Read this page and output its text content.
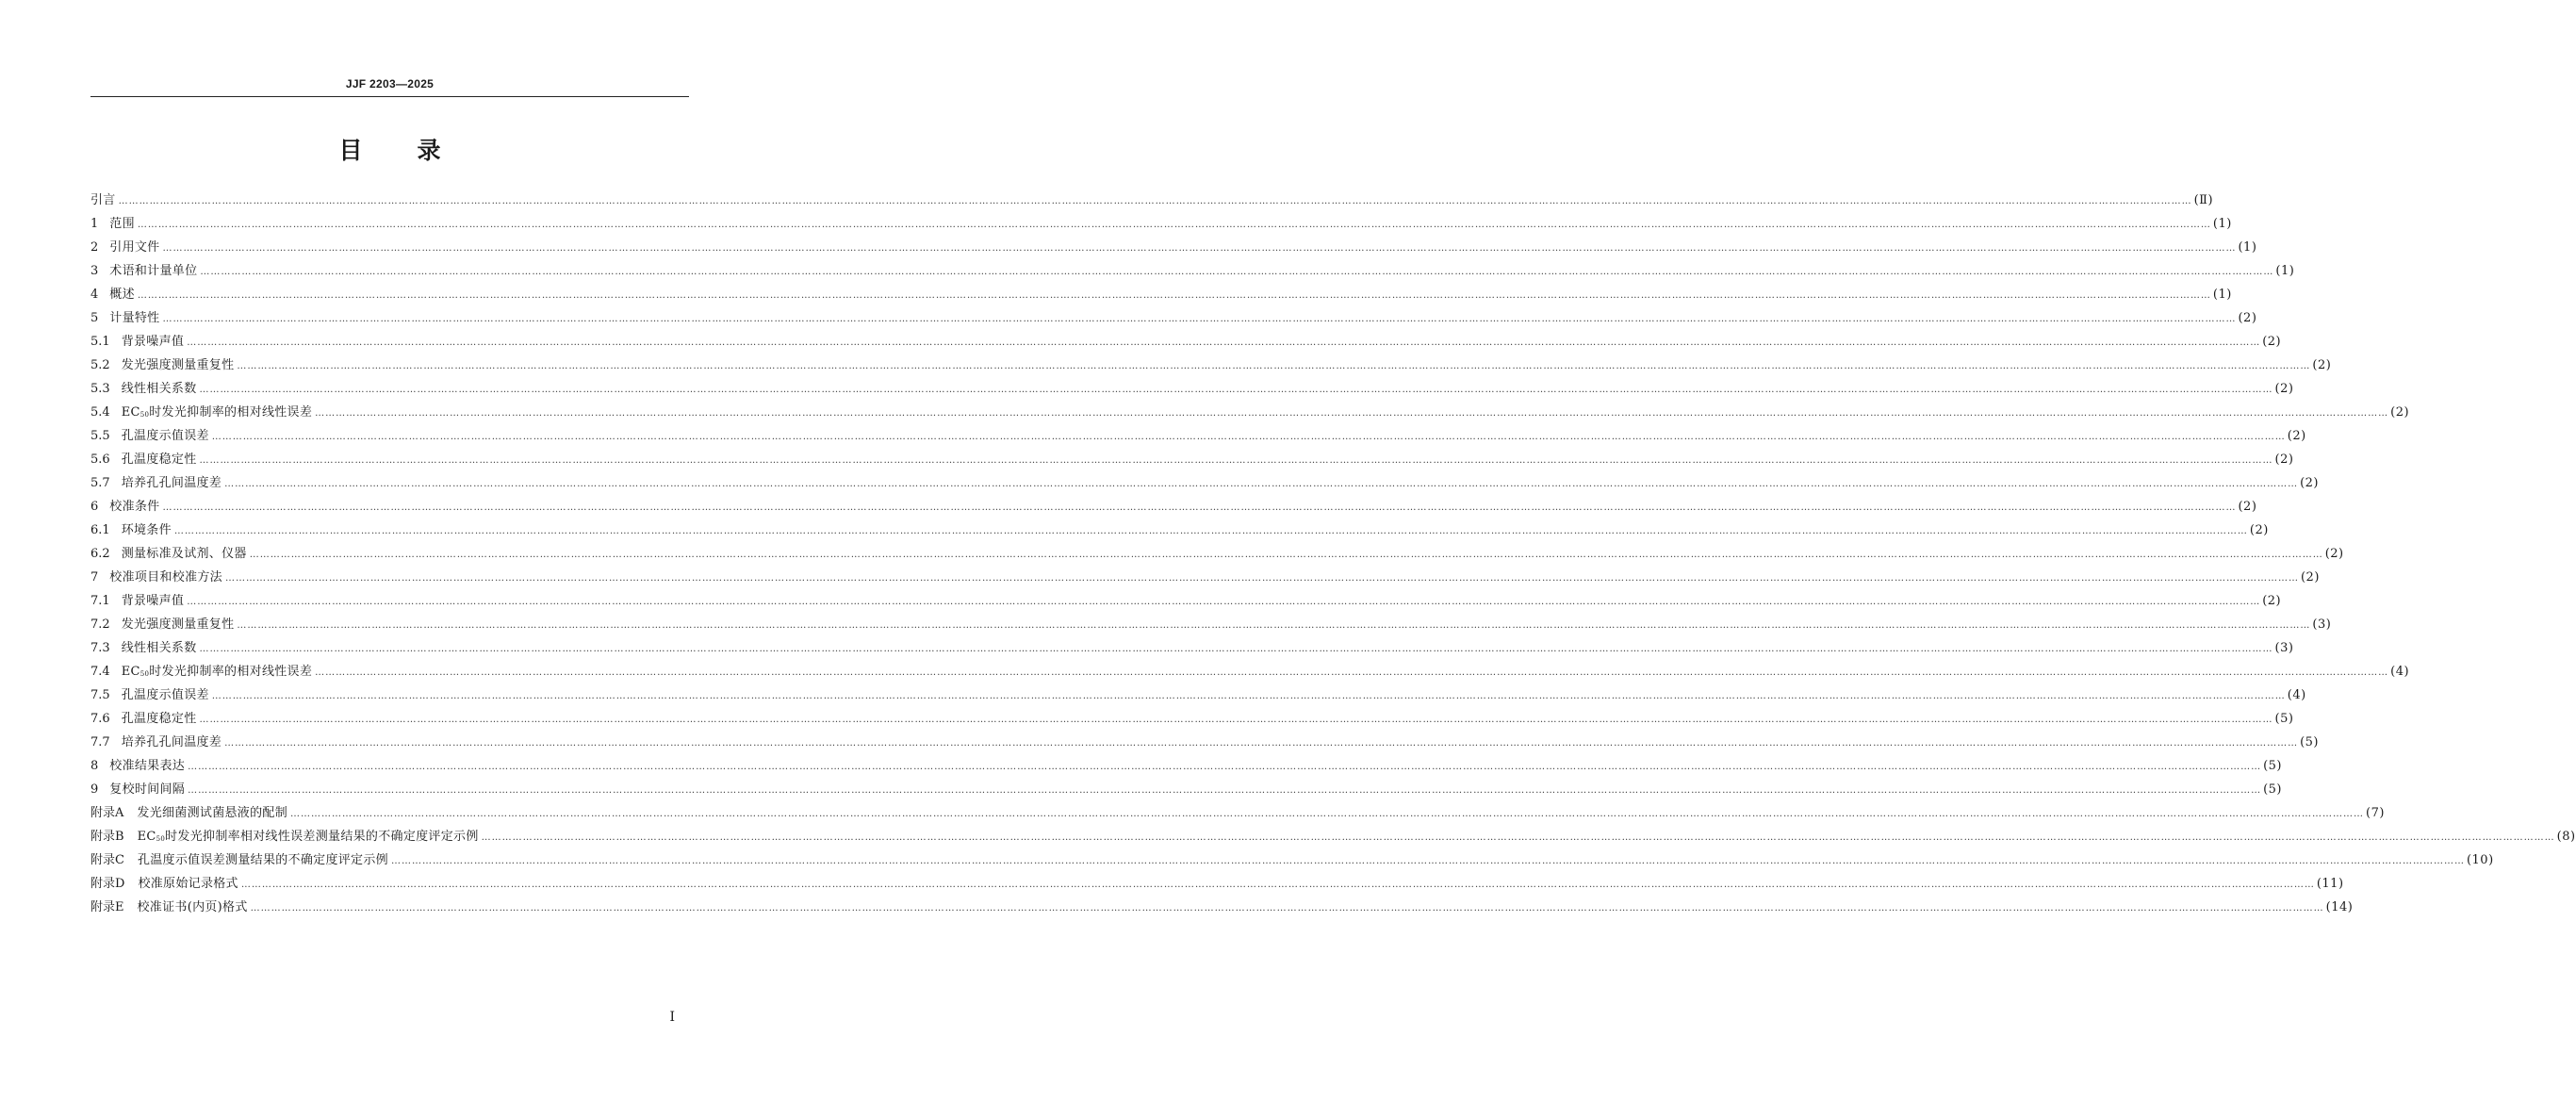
JJF 2203—2025
目 录
引言 …………………………………………………………………………………………………………………………………………………………………………………………………………………………………………………………………………………………………………………………………………………………………………………………………………………………………………………………………………………………………………………………………………………… (Ⅱ)
1 范围 …………………………………………………………………………………………………………………………………………………………………………………………………………………………………………………………………………………………………………………………………………………………………………………………………………………………………………………………………………………………………………………………………………………… (1)
2 引用文件 …………………………………………………………………………………………………………………………………………………………………………………………………………………………………………………………………………………………………………………………………………………………………………………………………………………………………………………………………………………………………………………………………………………… (1)
3 术语和计量单位 …………………………………………………………………………………………………………………………………………………………………………………………………………………………………………………………………………………………………………………………………………………………………………………………………………………………………………………………………………………………………………………………………………………… (1)
4 概述 …………………………………………………………………………………………………………………………………………………………………………………………………………………………………………………………………………………………………………………………………………………………………………………………………………………………………………………………………………………………………………………………………………………… (1)
5 计量特性 …………………………………………………………………………………………………………………………………………………………………………………………………………………………………………………………………………………………………………………………………………………………………………………………………………………………………………………………………………………………………………………………………………………… (2)
5.1 背景噪声值 …………………………………………………………………………………………………………………………………………………………………………………………………………………………………………………………………………………………………………………………………………………………………………………………………………………………………………………………………………………………………………………………………………………… (2)
5.2 发光强度测量重复性 …………………………………………………………………………………………………………………………………………………………………………………………………………………………………………………………………………………………………………………………………………………………………………………………………………………………………………………………………………………………………………………………………………………… (2)
5.3 线性相关系数 …………………………………………………………………………………………………………………………………………………………………………………………………………………………………………………………………………………………………………………………………………………………………………………………………………………………………………………………………………………………………………………………………………………… (2)
5.4 $EC_{50}$时发光抑制率的相对线性误差 …………………………………………………………………………………………………………………………………………………………………………………………………………………………………………………………………………………………………………………………………………………………………………………………………………………………………………………………………………………………………………………………………………………… (2)
5.5 孔温度示值误差 …………………………………………………………………………………………………………………………………………………………………………………………………………………………………………………………………………………………………………………………………………………………………………………………………………………………………………………………………………………………………………………………………………………… (2)
5.6 孔温度稳定性 …………………………………………………………………………………………………………………………………………………………………………………………………………………………………………………………………………………………………………………………………………………………………………………………………………………………………………………………………………………………………………………………………………………… (2)
5.7 培养孔孔间温度差 …………………………………………………………………………………………………………………………………………………………………………………………………………………………………………………………………………………………………………………………………………………………………………………………………………………………………………………………………………………………………………………………………………………… (2)
6 校准条件 …………………………………………………………………………………………………………………………………………………………………………………………………………………………………………………………………………………………………………………………………………………………………………………………………………………………………………………………………………………………………………………………………………………… (2)
6.1 环境条件 …………………………………………………………………………………………………………………………………………………………………………………………………………………………………………………………………………………………………………………………………………………………………………………………………………………………………………………………………………………………………………………………………………………… (2)
6.2 测量标准及试剂、仪器 …………………………………………………………………………………………………………………………………………………………………………………………………………………………………………………………………………………………………………………………………………………………………………………………………………………………………………………………………………………………………………………………………………………… (2)
7 校准项目和校准方法 …………………………………………………………………………………………………………………………………………………………………………………………………………………………………………………………………………………………………………………………………………………………………………………………………………………………………………………………………………………………………………………………………………………… (2)
7.1 背景噪声值 …………………………………………………………………………………………………………………………………………………………………………………………………………………………………………………………………………………………………………………………………………………………………………………………………………………………………………………………………………………………………………………………………………………… (2)
7.2 发光强度测量重复性 …………………………………………………………………………………………………………………………………………………………………………………………………………………………………………………………………………………………………………………………………………………………………………………………………………………………………………………………………………………………………………………………………………………… (3)
7.3 线性相关系数 …………………………………………………………………………………………………………………………………………………………………………………………………………………………………………………………………………………………………………………………………………………………………………………………………………………………………………………………………………………………………………………………………………………… (3)
7.4 $EC_{50}$时发光抑制率的相对线性误差 …………………………………………………………………………………………………………………………………………………………………………………………………………………………………………………………………………………………………………………………………………………………………………………………………………………………………………………………………………………………………………………………………………………… (4)
7.5 孔温度示值误差 …………………………………………………………………………………………………………………………………………………………………………………………………………………………………………………………………………………………………………………………………………………………………………………………………………………………………………………………………………………………………………………………………………………… (4)
7.6 孔温度稳定性 …………………………………………………………………………………………………………………………………………………………………………………………………………………………………………………………………………………………………………………………………………………………………………………………………………………………………………………………………………………………………………………………………………………… (5)
7.7 培养孔孔间温度差 …………………………………………………………………………………………………………………………………………………………………………………………………………………………………………………………………………………………………………………………………………………………………………………………………………………………………………………………………………………………………………………………………………………… (5)
8 校准结果表达 …………………………………………………………………………………………………………………………………………………………………………………………………………………………………………………………………………………………………………………………………………………………………………………………………………………………………………………………………………………………………………………………………………………… (5)
9 复校时间间隔 …………………………………………………………………………………………………………………………………………………………………………………………………………………………………………………………………………………………………………………………………………………………………………………………………………………………………………………………………………………………………………………………………………………… (5)
附录A	发光细菌测试菌悬液的配制 …………………………………………………………………………………………………………………………………………………………………………………………………………………………………………………………………………………………………………………………………………………………………………………………………………………………………………………………………………………………………………………………………………………… (7)
附录B	$EC_{50}$时发光抑制率相对线性误差测量结果的不确定度评定示例 …………………………………………………………………………………………………………………………………………………………………………………………………………………………………………………………………………………………………………………………………………………………………………………………………………………………………………………………………………………………………………………………………………………… (8)
附录C	孔温度示值误差测量结果的不确定度评定示例 …………………………………………………………………………………………………………………………………………………………………………………………………………………………………………………………………………………………………………………………………………………………………………………………………………………………………………………………………………………………………………………………………………………… (10)
附录D	校准原始记录格式 …………………………………………………………………………………………………………………………………………………………………………………………………………………………………………………………………………………………………………………………………………………………………………………………………………………………………………………………………………………………………………………………………………………… (11)
附录E	校准证书(内页)格式 …………………………………………………………………………………………………………………………………………………………………………………………………………………………………………………………………………………………………………………………………………………………………………………………………………………………………………………………………………………………………………………………………………………… (14)
Ⅰ
